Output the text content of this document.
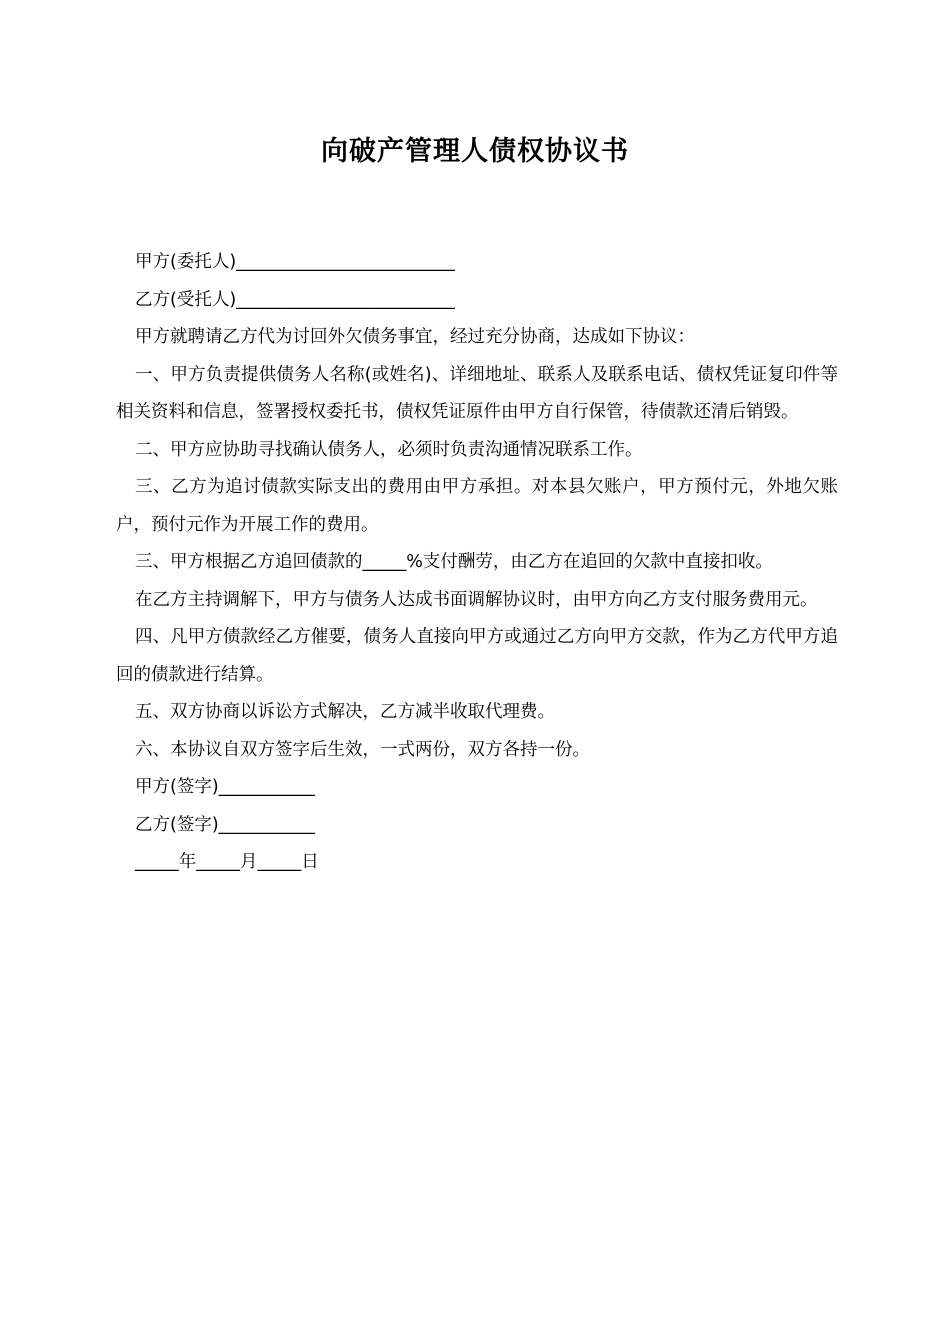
向破产管理人债权协议书

甲方(委托人)_________________________

乙方(受托人)_________________________

甲方就聘请乙方代为讨回外欠债务事宜，经过充分协商，达成如下协议：

一、甲方负责提供债务人名称(或姓名)、详细地址、联系人及联系电话、债权凭证复印件等相关资料和信息，签署授权委托书，债权凭证原件由甲方自行保管，待债款还清后销毁。

二、甲方应协助寻找确认债务人，必须时负责沟通情况联系工作。

三、乙方为追讨债款实际支出的费用由甲方承担。对本县欠账户，甲方预付元，外地欠账户，预付元作为开展工作的费用。

三、甲方根据乙方追回债款的_____%支付酬劳，由乙方在追回的欠款中直接扣收。

在乙方主持调解下，甲方与债务人达成书面调解协议时，由甲方向乙方支付服务费用元。

四、凡甲方债款经乙方催要，债务人直接向甲方或通过乙方向甲方交款，作为乙方代甲方追回的债款进行结算。

五、双方协商以诉讼方式解决，乙方减半收取代理费。

六、本协议自双方签字后生效，一式两份，双方各持一份。

甲方(签字)___________

乙方(签字)___________

_____年_____月_____日
